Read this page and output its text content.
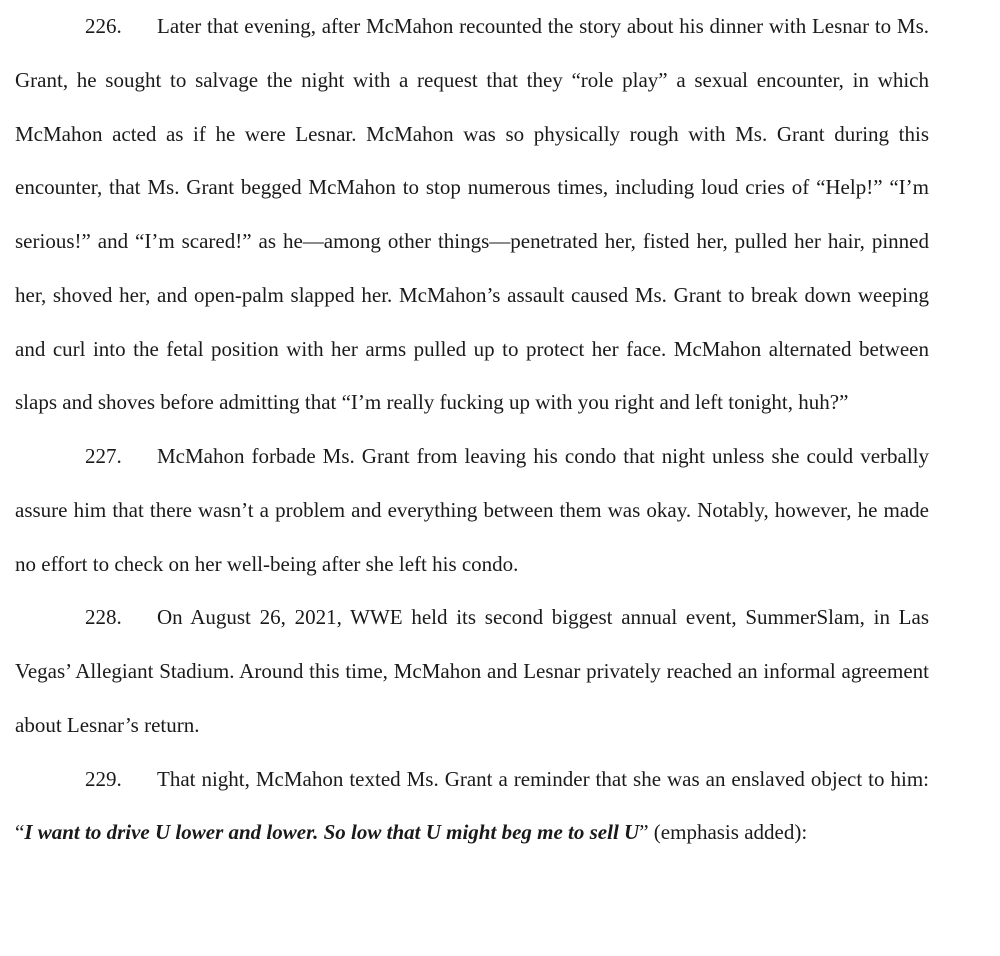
226. Later that evening, after McMahon recounted the story about his dinner with Lesnar to Ms. Grant, he sought to salvage the night with a request that they “role play” a sexual encounter, in which McMahon acted as if he were Lesnar. McMahon was so physically rough with Ms. Grant during this encounter, that Ms. Grant begged McMahon to stop numerous times, including loud cries of “Help!” “I’m serious!” and “I’m scared!” as he—among other things—penetrated her, fisted her, pulled her hair, pinned her, shoved her, and open-palm slapped her. McMahon’s assault caused Ms. Grant to break down weeping and curl into the fetal position with her arms pulled up to protect her face. McMahon alternated between slaps and shoves before admitting that “I’m really fucking up with you right and left tonight, huh?”

227. McMahon forbade Ms. Grant from leaving his condo that night unless she could verbally assure him that there wasn’t a problem and everything between them was okay. Notably, however, he made no effort to check on her well-being after she left his condo.

228. On August 26, 2021, WWE held its second biggest annual event, SummerSlam, in Las Vegas’ Allegiant Stadium. Around this time, McMahon and Lesnar privately reached an informal agreement about Lesnar’s return.

229. That night, McMahon texted Ms. Grant a reminder that she was an enslaved object to him: “I want to drive U lower and lower. So low that U might beg me to sell U” (emphasis added):
